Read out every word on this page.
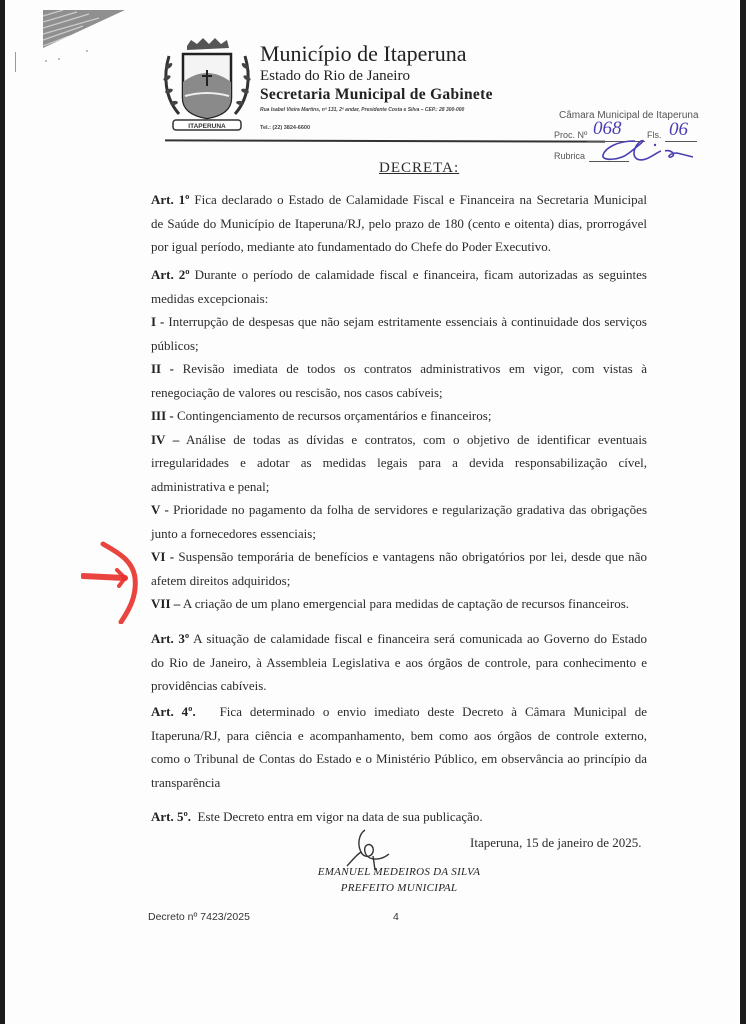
ITAPERUNA
Município de Itaperuna
Estado do Rio de Janeiro
Secretaria Municipal de Gabinete
Rua Isabel Vieira Martins, nº 131, 2º andar, Presidente Costa e Silva – CEP.: 28 300-000
Tel.: (22) 3824-6600
Câmara Municipal de Itaperuna
Proc. Nº 068	Fls. 06
Rubrica
DECRETA:
Art. 1º Fica declarado o Estado de Calamidade Fiscal e Financeira na Secretaria Municipal
de Saúde do Município de Itaperuna/RJ, pelo prazo de 180 (cento e oitenta) dias, prorrogável
por igual período, mediante ato fundamentado do Chefe do Poder Executivo.
Art. 2º Durante o período de calamidade fiscal e financeira, ficam autorizadas as seguintes
medidas excepcionais:
I - Interrupção de despesas que não sejam estritamente essenciais à continuidade dos serviços
públicos;
II - Revisão imediata de todos os contratos administrativos em vigor, com vistas à
renegociação de valores ou rescisão, nos casos cabíveis;
III - Contingenciamento de recursos orçamentários e financeiros;
IV – Análise de todas as dívidas e contratos, com o objetivo de identificar eventuais
irregularidades e adotar as medidas legais para a devida responsabilização cível,
administrativa e penal;
V - Prioridade no pagamento da folha de servidores e regularização gradativa das obrigações
junto a fornecedores essenciais;
VI - Suspensão temporária de benefícios e vantagens não obrigatórios por lei, desde que não
afetem direitos adquiridos;
VII – A criação de um plano emergencial para medidas de captação de recursos financeiros.
Art. 3º A situação de calamidade fiscal e financeira será comunicada ao Governo do Estado
do Rio de Janeiro, à Assembleia Legislativa e aos órgãos de controle, para conhecimento e
providências cabíveis.
Art. 4º. Fica determinado o envio imediato deste Decreto à Câmara Municipal de
Itaperuna/RJ, para ciência e acompanhamento, bem como aos órgãos de controle externo,
como o Tribunal de Contas do Estado e o Ministério Público, em observância ao princípio da
transparência
Art. 5º. Este Decreto entra em vigor na data de sua publicação.
Itaperuna, 15 de janeiro de 2025.
EMANUEL MEDEIROS DA SILVA
PREFEITO MUNICIPAL
Decreto nº 7423/2025	4
